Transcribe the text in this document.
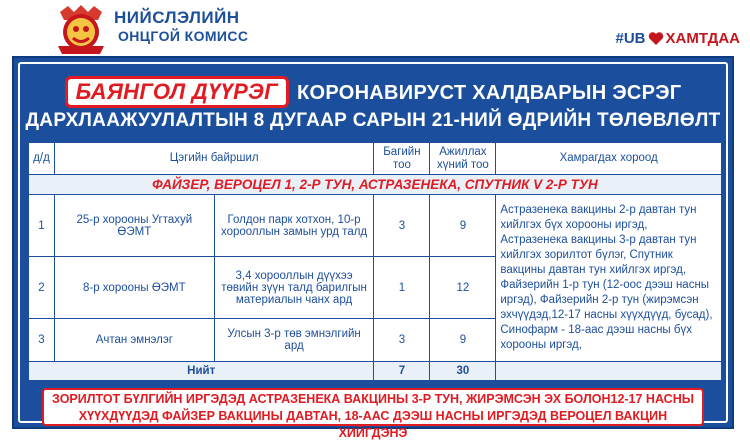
НИЙСЛЭЛИЙН
ОНЦГОЙ КОМИСС	#UB ХАМТДАА
БАЯНГОЛ ДҮҮРЭГ КОРОНАВИРУСТ ХАЛДВАРЫН ЭСРЭГ
ДАРХЛААЖУУЛАЛТЫН 8 ДУГААР САРЫН 21-НИЙ ӨДРИЙН ТӨЛӨВЛӨЛТ
д/д	Цэгийн байршил		Багийн тоо	Ажиллах хүний тоо	Хамрагдах хороод
ФАЙЗЕР, ВЕРОЦЕЛ 1, 2-Р ТУН, АСТРАЗЕНЕКА, СПУТНИК V 2-Р ТУН					
1	25-р хорооны Угтахуй ӨЭМТ	Голдон парк хотхон, 10-р хорооллын замын урд талд	3	9	Астразенека вакцины 2-р давтан тун хийлгэх бүх хорооны иргэд, Астразенека вакцины 3-р давтан тун хийлгэх зорилтот бүлэг, Спутник вакцины давтан тун хийлгэх иргэд, Файзерийн 1-р тун (12-оос дээш насны иргэд), Файзерийн 2-р тун (жирэмсэн эхчүүдэд,12-17 насны хүүхдүүд, бусад), Синофарм - 18-аас дээш насны бүх хорооны иргэд,
2	8-р хорооны ӨЭМТ	3,4 хорооллын дүүхээ төвийн зүүн талд барилгын материалын чанх ард	1	12	
3	Ачтан эмнэлэг	Улсын 3-р төв эмнэлгийн ард	3	9	
Нийт			7	30	
ЗОРИЛТОТ БҮЛГИЙН ИРГЭДЭД АСТРАЗЕНЕКА ВАКЦИНЫ 3-Р ТУН, ЖИРЭМСЭН ЭХ БОЛОН12-17 НАСНЫ
ХҮҮХДҮҮДЭД ФАЙЗЕР ВАКЦИНЫ ДАВТАН, 18-ААС ДЭЭШ НАСНЫ ИРГЭДЭД ВЕРОЦЕЛ ВАКЦИН ХИЙГДЭНЭ
